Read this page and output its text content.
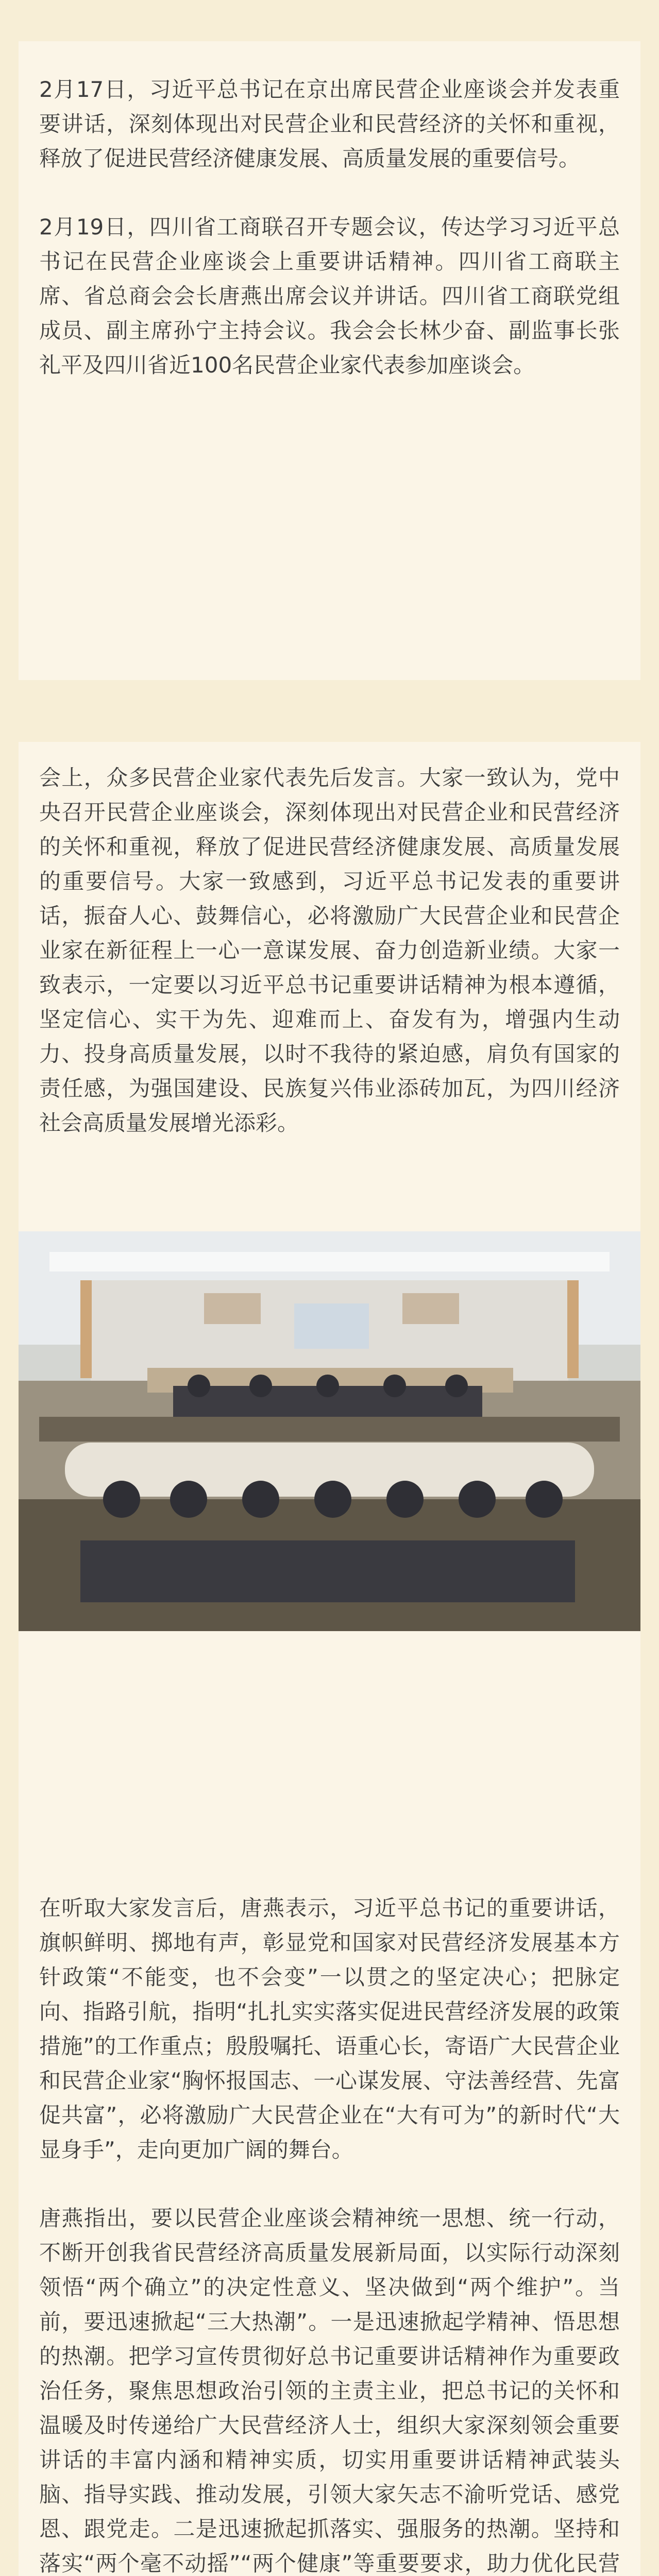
2月17日，习近平总书记在京出席民营企业座谈会并发表重要讲话，深刻体现出对民营企业和民营经济的关怀和重视，释放了促进民营经济健康发展、高质量发展的重要信号。

2月19日，四川省工商联召开专题会议，传达学习习近平总书记在民营企业座谈会上重要讲话精神。四川省工商联主席、省总商会会长唐燕出席会议并讲话。四川省工商联党组成员、副主席孙宁主持会议。我会会长林少奋、副监事长张礼平及四川省近100名民营企业家代表参加座谈会。

会上，众多民营企业家代表先后发言。大家一致认为，党中央召开民营企业座谈会，深刻体现出对民营企业和民营经济的关怀和重视，释放了促进民营经济健康发展、高质量发展的重要信号。大家一致感到，习近平总书记发表的重要讲话，振奋人心、鼓舞信心，必将激励广大民营企业和民营企业家在新征程上一心一意谋发展、奋力创造新业绩。大家一致表示，一定要以习近平总书记重要讲话精神为根本遵循，坚定信心、实干为先、迎难而上、奋发有为，增强内生动力、投身高质量发展，以时不我待的紧迫感，肩负有国家的责任感，为强国建设、民族复兴伟业添砖加瓦，为四川经济社会高质量发展增光添彩。

在听取大家发言后，唐燕表示，习近平总书记的重要讲话，旗帜鲜明、掷地有声，彰显党和国家对民营经济发展基本方针政策“不能变，也不会变”一以贯之的坚定决心；把脉定向、指路引航，指明“扎扎实实落实促进民营经济发展的政策措施”的工作重点；殷殷嘱托、语重心长，寄语广大民营企业和民营企业家“胸怀报国志、一心谋发展、守法善经营、先富促共富”，必将激励广大民营企业在“大有可为”的新时代“大显身手”，走向更加广阔的舞台。

唐燕指出，要以民营企业座谈会精神统一思想、统一行动，不断开创我省民营经济高质量发展新局面，以实际行动深刻领悟“两个确立”的决定性意义、坚决做到“两个维护”。当前，要迅速掀起“三大热潮”。一是迅速掀起学精神、悟思想的热潮。把学习宣传贯彻好总书记重要讲话精神作为重要政治任务，聚焦思想政治引领的主责主业，把总书记的关怀和温暖及时传递给广大民营经济人士，组织大家深刻领会重要讲话的丰富内涵和精神实质，切实用重要讲话精神武装头脑、指导实践、推动发展，引领大家矢志不渝听党话、感党恩、跟党走。二是迅速掀起抓落实、强服务的热潮。坚持和落实“两个毫不动摇”“两个健康”等重要要求，助力优化民营
